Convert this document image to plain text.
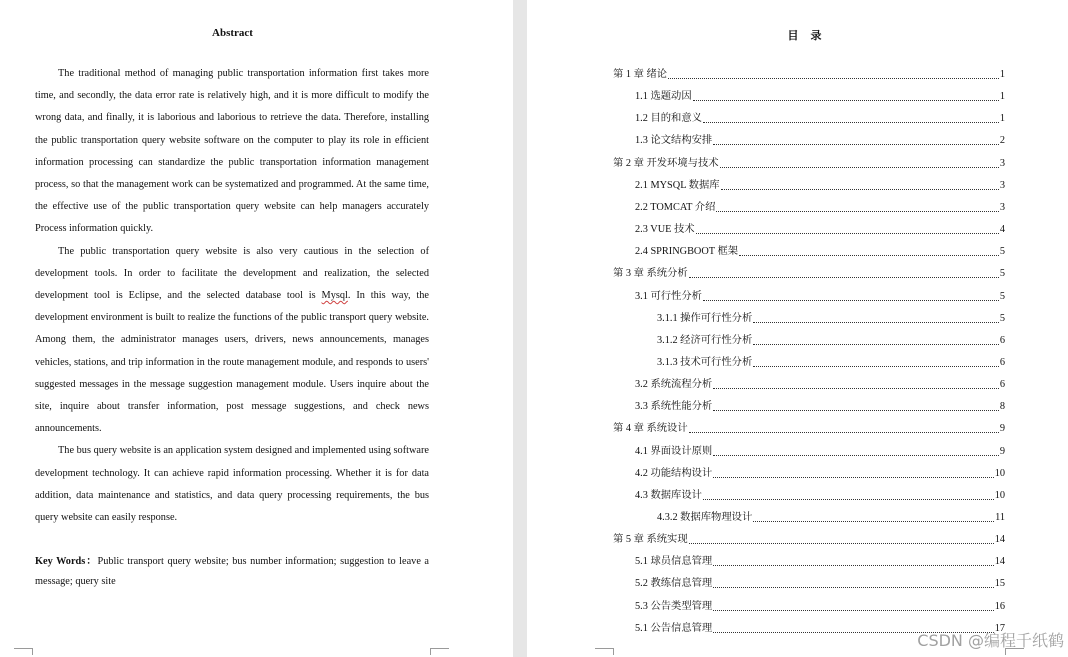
Abstract

The traditional method of managing public transportation information first takes more time, and secondly, the data error rate is relatively high, and it is more difficult to modify the wrong data, and finally, it is laborious and laborious to retrieve the data. Therefore, installing the public transportation query website software on the computer to play its role in efficient information processing can standardize the public transportation information management process, so that the management work can be systematized and programmed. At the same time, the effective use of the public transportation query website can help managers accurately Process information quickly.

The public transportation query website is also very cautious in the selection of development tools. In order to facilitate the development and realization, the selected development tool is Eclipse, and the selected database tool is Mysql. In this way, the development environment is built to realize the functions of the public transport query website. Among them, the administrator manages users, drivers, news announcements, manages vehicles, stations, and trip information in the route management module, and responds to users' suggested messages in the message suggestion management module. Users inquire about the site, inquire about transfer information, post message suggestions, and check news announcements.

The bus query website is an application system designed and implemented using software development technology. It can achieve rapid information processing. Whether it is for data addition, data maintenance and statistics, and data query processing requirements, the bus query website can easily response.

Key Words：Public transport query website; bus number information; suggestion to leave a message; query site
目录
第 1 章 绪论	1
1.1 选题动因	1
1.2 目的和意义	1
1.3 论文结构安排	2
第 2 章 开发环境与技术	3
2.1 MYSQL 数据库	3
2.2 TOMCAT 介绍	3
2.3 VUE 技术	4
2.4 SPRINGBOOT 框架	5
第 3 章 系统分析	5
3.1 可行性分析	5
3.1.1 操作可行性分析	5
3.1.2 经济可行性分析	6
3.1.3 技术可行性分析	6
3.2 系统流程分析	6
3.3 系统性能分析	8
第 4 章 系统设计	9
4.1 界面设计原则	9
4.2 功能结构设计	10
4.3 数据库设计	10
4.3.2 数据库物理设计	11
第 5 章 系统实现	14
5.1 球员信息管理	14
5.2 教练信息管理	15
5.3 公告类型管理	16
5.1 公告信息管理	17
CSDN @编程千纸鹤
